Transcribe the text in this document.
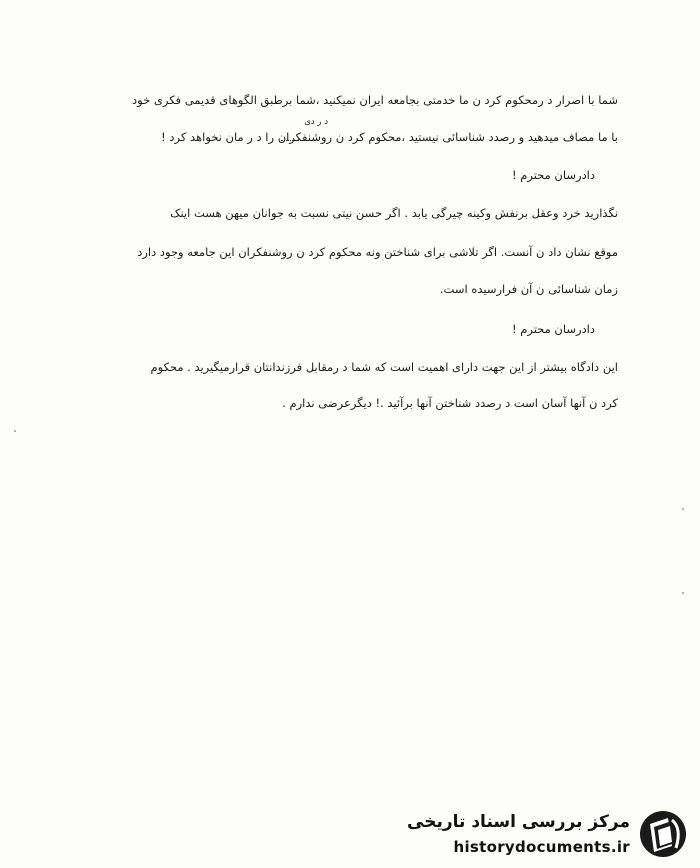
شما با اصرار د رمحکوم کرد ن ما خدمتی بجامعه ایران نمیکنید ،شما برطبق الگوهای قدیمی فکری خود
د ر دی
با ما مصاف میدهید و رصدد شناسائی نیستید ،محکوم کرد ن روشنفکران را د ر مان نخواهد کرد !
دادرسان محترم !
نگذارید خرد وعقل برنفش وکینه چیرگی یابد . اگر حسن نیتی نسبت به جوانان میهن هست اینک
موقع نشان داد ن آنست. اگر تلاشی برای شناختن ونه محکوم کرد ن روشنفکران این جامعه وجود دارد
زمان شناسائی ن آن فرارسیده است.
دادرسان محترم !
این دادگاه بیشتر از این جهت دارای اهمیت است که شما د رمقابل فرزندانتان قرارمیگیرید . محکوم
کرد ن آنها آسان است د رصدد شناختن آنها برآئید .! دیگرعرضی ندارم .
مرکز بررسی اسناد تاریخی
historydocuments.ir
